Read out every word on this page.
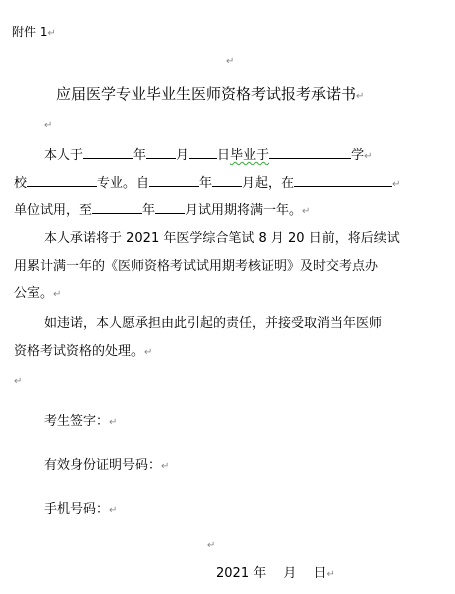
附件 1↵
↵
应届医学专业毕业生医师资格考试报考承诺书↵
↵
本人于	年 月 日毕业于	学↵
校	专业。自	年 月起，在	↵
单位试用，至	年 月试用期将满一年。↵
本人承诺将于 2021 年医学综合笔试 8 月 20 日前，将后续试
用累计满一年的《医师资格考试试用期考核证明》及时交考点办
公室。↵
如违诺，本人愿承担由此引起的责任，并接受取消当年医师
资格考试资格的处理。↵
↵
考生签字：↵
有效身份证明号码：↵
手机号码：↵
↵
2021 年　 月　 日↵
